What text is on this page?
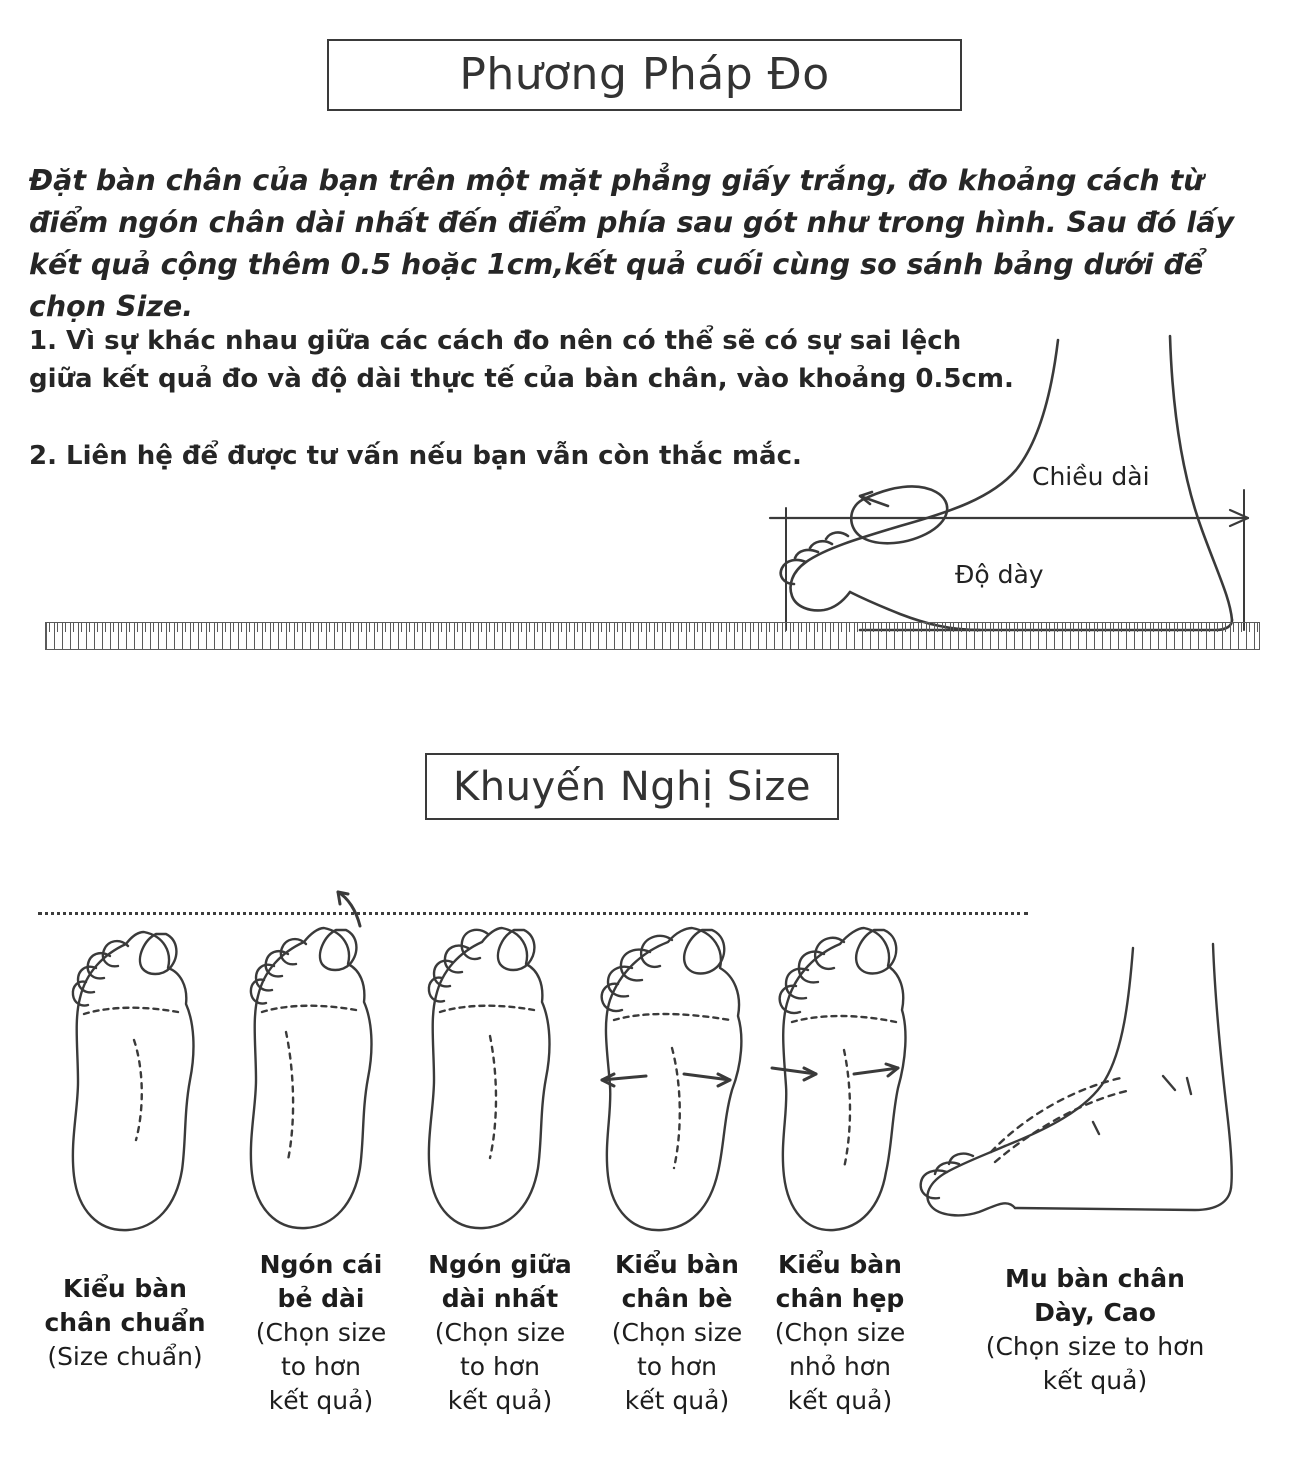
Phương Pháp Đo
Đặt bàn chân của bạn trên một mặt phẳng giấy trắng, đo khoảng cách từ điểm ngón chân dài nhất đến điểm phía sau gót như trong hình. Sau đó lấy kết quả cộng thêm 0.5 hoặc 1cm,kết quả cuối cùng so sánh bảng dưới để chọn Size.
1. Vì sự khác nhau giữa các cách đo nên có thể sẽ có sự sai lệch giữa kết quả đo và độ dài thực tế của bàn chân, vào khoảng 0.5cm.
2. Liên hệ để được tư vấn nếu bạn vẫn còn thắc mắc.
Chiều dài
Độ dày
Khuyến Nghị Size
Kiểu bàn
chân chuẩn
(Size chuẩn)
Ngón cái
bẻ dài
(Chọn size
to hơn
kết quả)
Ngón giữa
dài nhất
(Chọn size
to hơn
kết quả)
Kiểu bàn
chân bè
(Chọn size
to hơn
kết quả)
Kiểu bàn
chân hẹp
(Chọn size
nhỏ hơn
kết quả)
Mu bàn chân
Dày, Cao
(Chọn size to hơn
kết quả)
